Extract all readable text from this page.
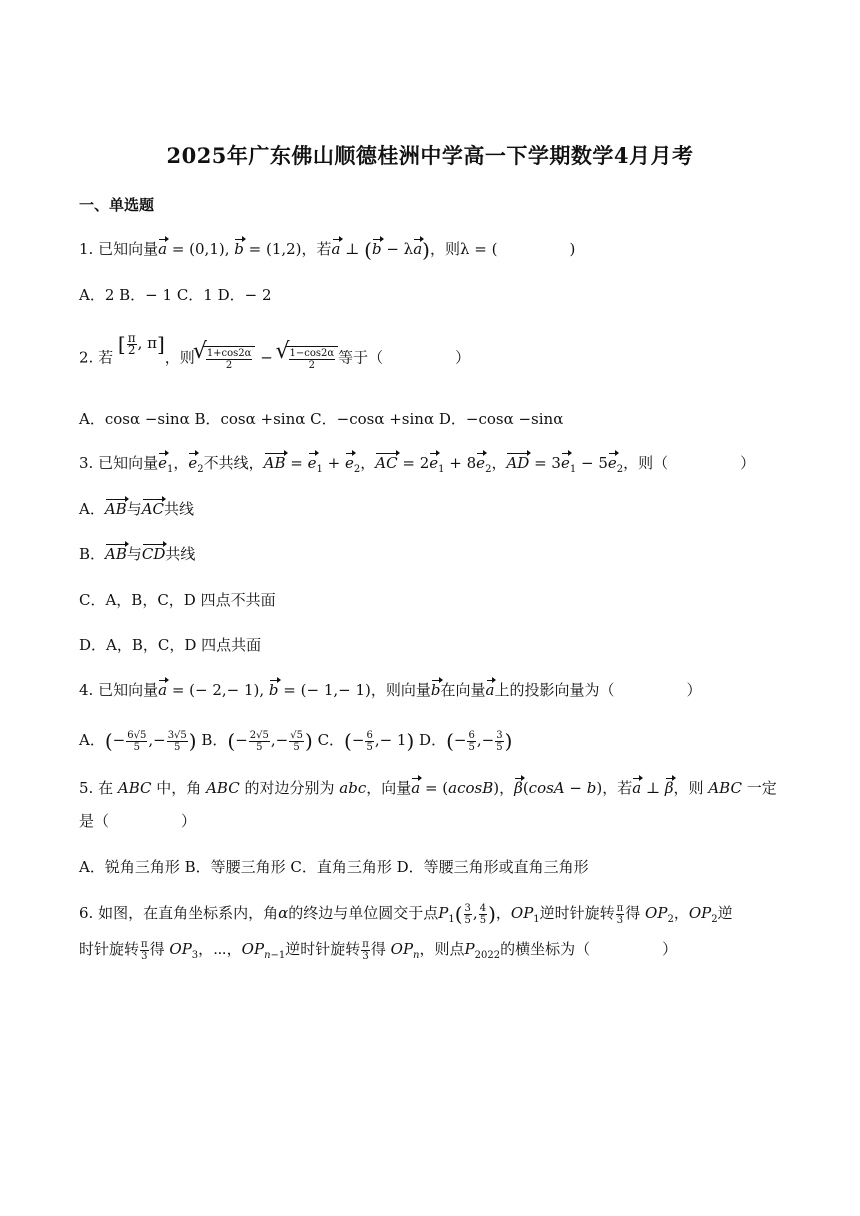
2025年广东佛山顺德桂洲中学高一下学期数学4月月考
一、单选题
1. 已知向量a = (0,1), b = (1,2)，若a ⊥ (b − λa)，则λ = (	)
A．2 B．− 1 C．1 D．− 2
2. 若 [ $\frac{\pi}{2}$ , π]，则 √ $\frac{1+\cos 2\alpha}{2}$ − √ $\frac{1-\cos 2\alpha}{2}$ 等于（	）
A．cosα −sinα B．cosα +sinα C．−cosα +sinα D．−cosα −sinα
3. 已知向量$e_1$，$e_2$不共线，AB = $e_1 + e_2$，AC = $2e_1 + 8e_2$，AD = $3e_1 - 5e_2$，则（	）
A．AB与AC共线
B．AB与CD共线
C．A，B，C，D 四点不共面
D．A，B，C，D 四点共面
4. 已知向量a = (− 2,− 1), b = (− 1,− 1)，则向量b在向量a上的投影向量为（	）
A．(− $\frac{6√5}{5}$ ,− $\frac{3√5}{5}$ ) B．(− $\frac{2√5}{5}$ ,− $\frac{√5}{5}$ ) C．(− $\frac{6}{5}$ ,− 1) D．(− $\frac{6}{5}$ ,− $\frac{3}{5}$ )
5. 在 ABC 中，角 ABC 的对边分别为 abc，向量a = (acosB)，β(cosA − b)，若a ⊥ β，则 ABC 一定
是（	）
A．锐角三角形 B．等腰三角形 C．直角三角形 D．等腰三角形或直角三角形
6. 如图，在直角坐标系内，角α的终边与单位圆交于点$P_1( \frac{3}{5}$ , $\frac{4}{5}$ )，$OP_1$逆时针旋转 $\frac{\pi}{3}$ 得 $OP_2$，$OP_2$逆
时针旋转 $\frac{\pi}{3}$ 得 $OP_3$，⋯，$OP_{n-1}$逆时针旋转 $\frac{\pi}{3}$ 得 $OP_n$，则点$P_{2022}$的横坐标为（	）
